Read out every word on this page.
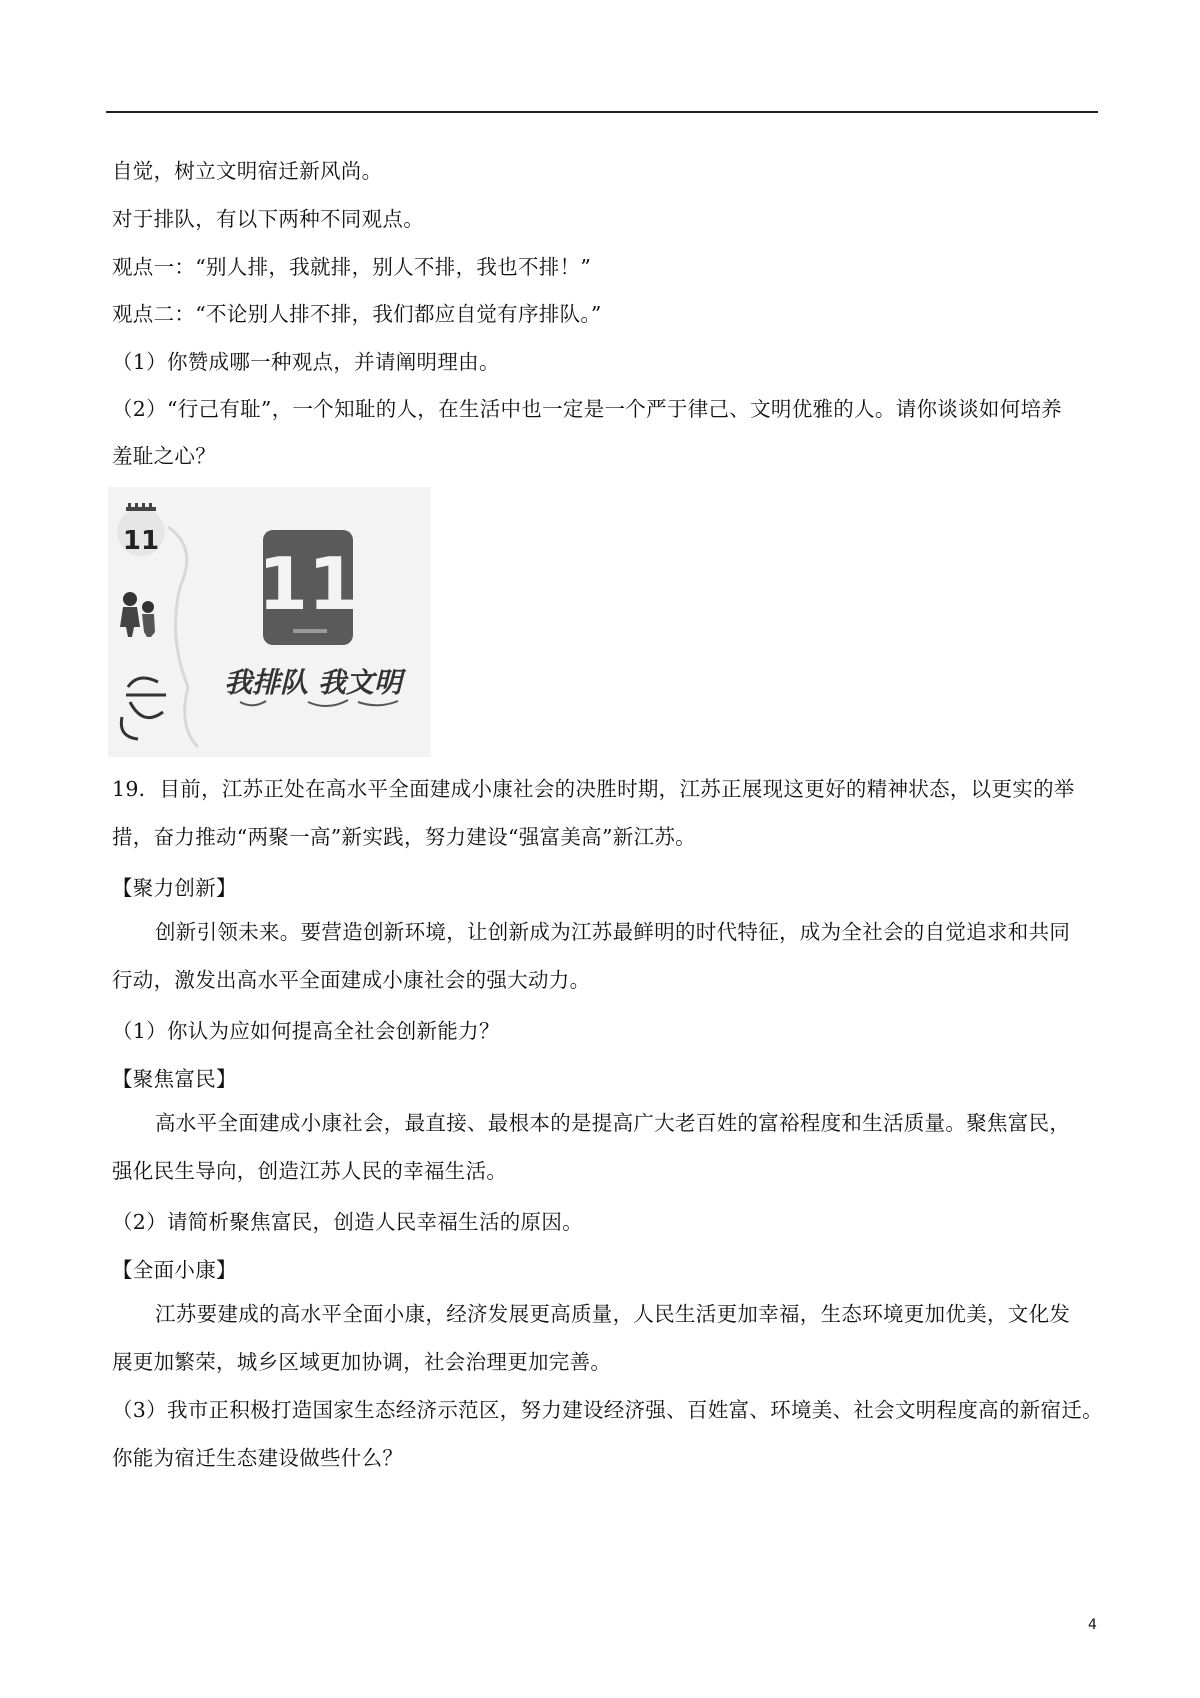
自觉，树立文明宿迁新风尚。
对于排队，有以下两种不同观点。
观点一：“别人排，我就排，别人不排，我也不排！”
观点二：“不论别人排不排，我们都应自觉有序排队。”
（1）你赞成哪一种观点，并请阐明理由。
（2）“行己有耻”，一个知耻的人，在生活中也一定是一个严于律己、文明优雅的人。请你谈谈如何培养
羞耻之心？
11
11
我排队 我文明
19．目前，江苏正处在高水平全面建成小康社会的决胜时期，江苏正展现这更好的精神状态，以更实的举
措，奋力推动“两聚一高”新实践，努力建设“强富美高”新江苏。
【聚力创新】
创新引领未来。要营造创新环境，让创新成为江苏最鲜明的时代特征，成为全社会的自觉追求和共同
行动，激发出高水平全面建成小康社会的强大动力。
（1）你认为应如何提高全社会创新能力？
【聚焦富民】
高水平全面建成小康社会，最直接、最根本的是提高广大老百姓的富裕程度和生活质量。聚焦富民，
强化民生导向，创造江苏人民的幸福生活。
（2）请简析聚焦富民，创造人民幸福生活的原因。
【全面小康】
江苏要建成的高水平全面小康，经济发展更高质量，人民生活更加幸福，生态环境更加优美，文化发
展更加繁荣，城乡区域更加协调，社会治理更加完善。
（3）我市正积极打造国家生态经济示范区，努力建设经济强、百姓富、环境美、社会文明程度高的新宿迁。
你能为宿迁生态建设做些什么？
4
